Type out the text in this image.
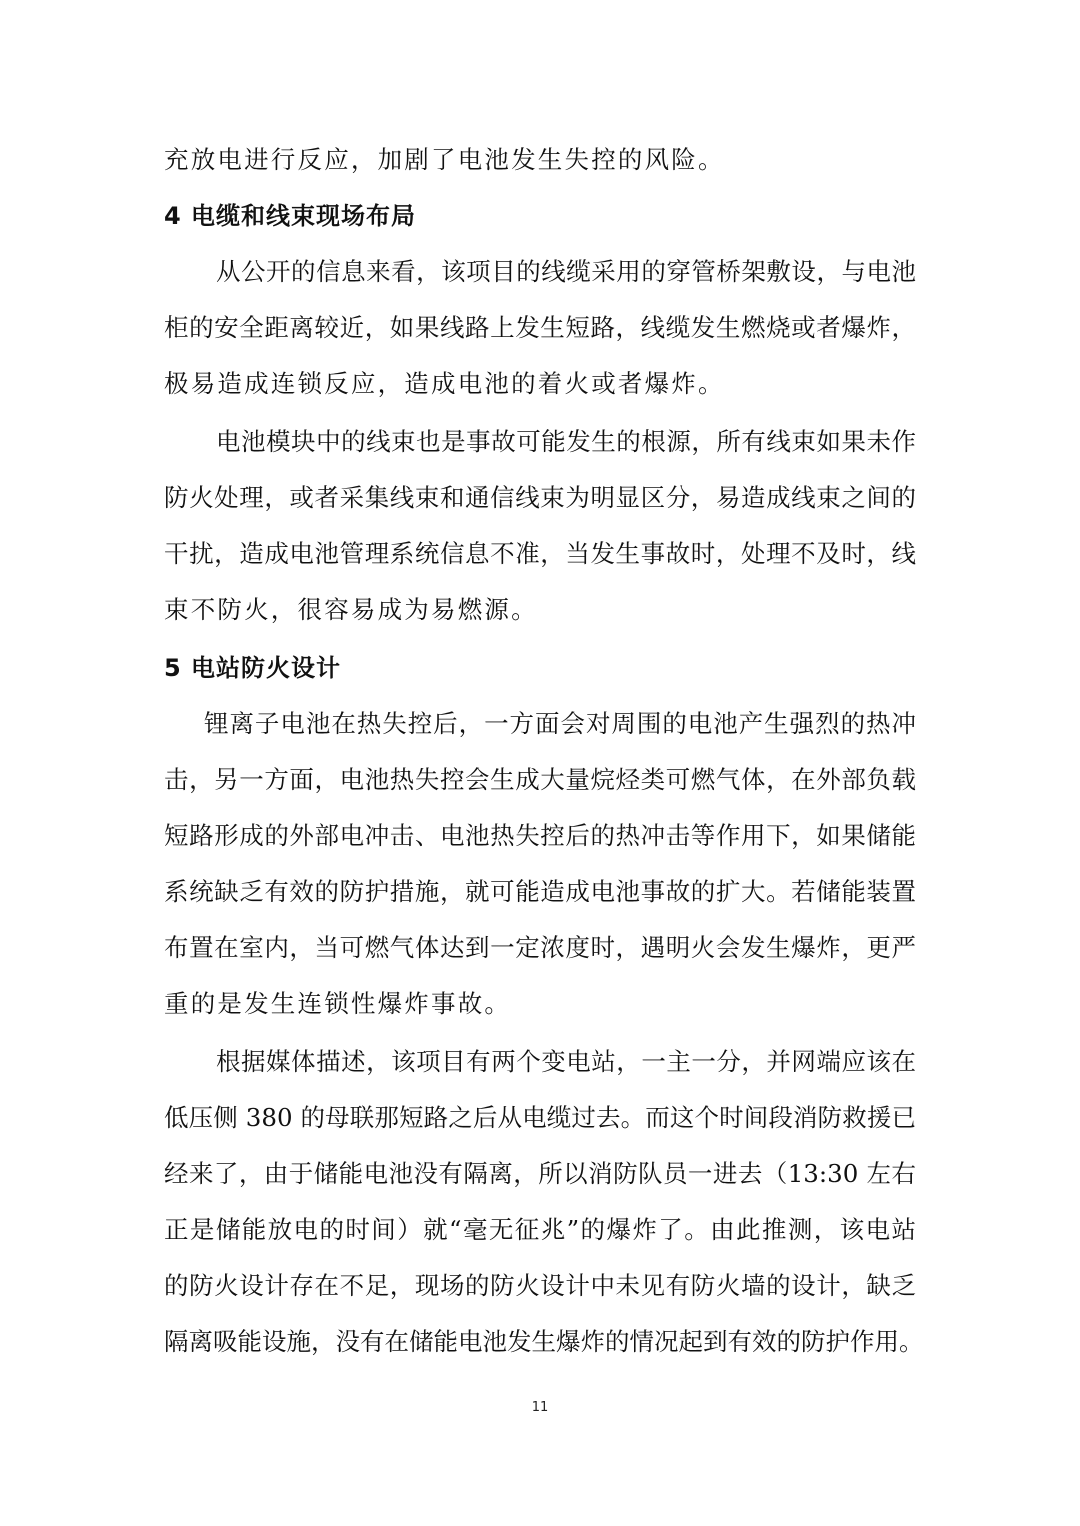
充放电进行反应，加剧了电池发生失控的风险。
4 电缆和线束现场布局
从公开的信息来看，该项目的线缆采用的穿管桥架敷设，与电池
柜的安全距离较近，如果线路上发生短路，线缆发生燃烧或者爆炸，
极易造成连锁反应，造成电池的着火或者爆炸。
电池模块中的线束也是事故可能发生的根源，所有线束如果未作
防火处理，或者采集线束和通信线束为明显区分，易造成线束之间的
干扰，造成电池管理系统信息不准，当发生事故时，处理不及时，线
束不防火，很容易成为易燃源。
5 电站防火设计
锂离子电池在热失控后，一方面会对周围的电池产生强烈的热冲
击，另一方面，电池热失控会生成大量烷烃类可燃气体，在外部负载
短路形成的外部电冲击、电池热失控后的热冲击等作用下，如果储能
系统缺乏有效的防护措施，就可能造成电池事故的扩大。若储能装置
布置在室内，当可燃气体达到一定浓度时，遇明火会发生爆炸，更严
重的是发生连锁性爆炸事故。
根据媒体描述，该项目有两个变电站，一主一分，并网端应该在
低压侧 380 的母联那短路之后从电缆过去。而这个时间段消防救援已
经来了，由于储能电池没有隔离，所以消防队员一进去（13:30 左右
正是储能放电的时间）就“毫无征兆”的爆炸了。由此推测，该电站
的防火设计存在不足，现场的防火设计中未见有防火墙的设计，缺乏
隔离吸能设施，没有在储能电池发生爆炸的情况起到有效的防护作用。
11
